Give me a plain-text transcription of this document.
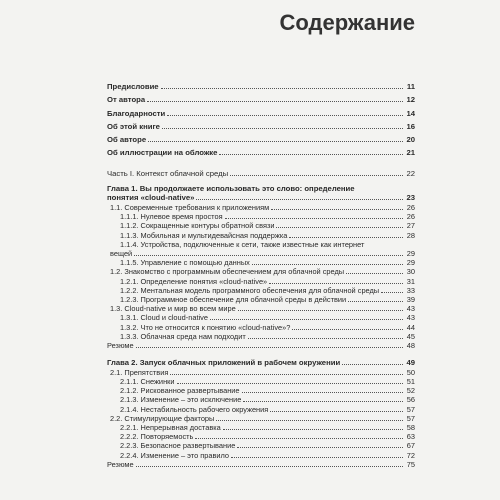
Содержание
Предисловие	11
От автора	12
Благодарности	14
Об этой книге	16
Об авторе	20
Об иллюстрации на обложке	21
Часть I. Контекст облачной среды	22
Глава 1. Вы продолжаете использовать это слово: определение
понятия «cloud-native»	23
1.1. Современные требования к приложениям	26
1.1.1. Нулевое время простоя	26
1.1.2. Сокращенные контуры обратной связи	27
1.1.3. Мобильная и мультидевайсная поддержка	28
1.1.4. Устройства, подключенные к сети, также известные как интернет
вещей	29
1.1.5. Управление с помощью данных	29
1.2. Знакомство с программным обеспечением для облачной среды	30
1.2.1. Определение понятия «cloud-native»	31
1.2.2. Ментальная модель программного обеспечения для облачной среды	33
1.2.3. Программное обеспечение для облачной среды в действии	39
1.3. Cloud-native и мир во всем мире	43
1.3.1. Cloud и cloud-native	43
1.3.2. Что не относится к понятию «cloud-native»?	44
1.3.3. Облачная среда нам подходит	45
Резюме	48
Глава 2. Запуск облачных приложений в рабочем окружении	49
2.1. Препятствия	50
2.1.1. Снежинки	51
2.1.2. Рискованное развертывание	52
2.1.3. Изменение – это исключение	56
2.1.4. Нестабильность рабочего окружения	57
2.2. Стимулирующие факторы	57
2.2.1. Непрерывная доставка	58
2.2.2. Повторяемость	63
2.2.3. Безопасное развертывание	67
2.2.4. Изменение – это правило	72
Резюме	75
